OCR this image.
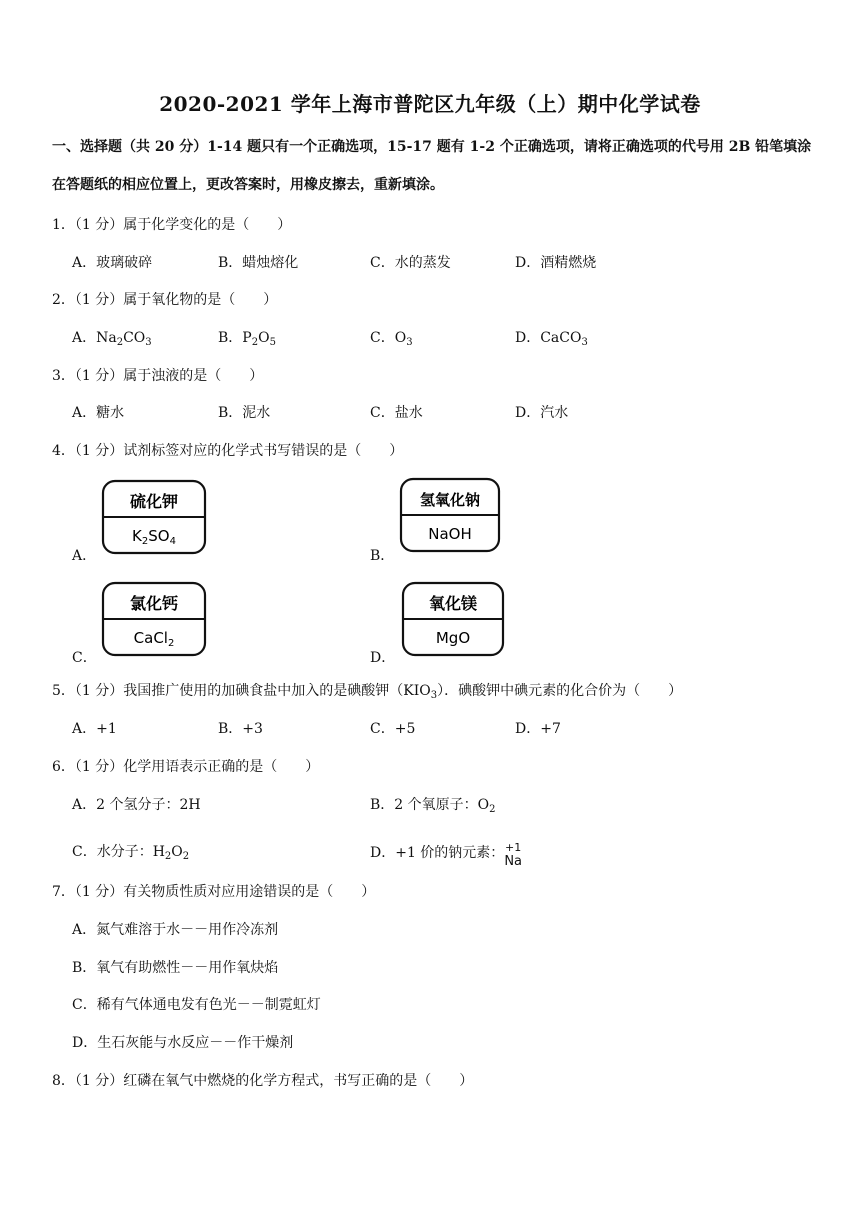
2020-2021 学年上海市普陀区九年级（上）期中化学试卷
一、选择题（共 20 分）1-14 题只有一个正确选项，15-17 题有 1-2 个正确选项，请将正确选项的代号用 2B 铅笔填涂在答题纸的相应位置上，更改答案时，用橡皮擦去，重新填涂。
1．（1 分）属于化学变化的是（　　）
A．玻璃破碎	B．蜡烛熔化	C．水的蒸发	D．酒精燃烧
2．（1 分）属于氧化物的是（　　）
A．$Na_2CO_3$	B．$P_2O_5$	C．$O_3$	D．CaCO$_3$
3．（1 分）属于浊液的是（　　）
A．糖水	B．泥水	C．盐水	D．汽水
4．（1 分）试剂标签对应的化学式书写错误的是（　　）
A．
硫化钾
$K_2SO_4$
B．
氢氧化钠
NaOH
C．
氯化钙
CaCl$_2$
D．
氧化镁
MgO
5．（1 分）我国推广使用的加碘食盐中加入的是碘酸钾$(KIO_3)$．碘酸钾中碘元素的化合价为（　　）
A．+1	B．+3	C．+5	D．+7
6．（1 分）化学用语表示正确的是（　　）
A．2 个氢分子：2H	B．2 个氧原子：$O_2$
C．水分子：$H_2O_2$	D．+1 价的钠元素： +1
Na
7．（1 分）有关物质性质对应用途错误的是（　　）
A．氮气难溶于水－－用作冷冻剂
B．氧气有助燃性－－用作氧炔焰
C．稀有气体通电发有色光－－制霓虹灯
D．生石灰能与水反应－－作干燥剂
8．（1 分）红磷在氧气中燃烧的化学方程式，书写正确的是（　　）
